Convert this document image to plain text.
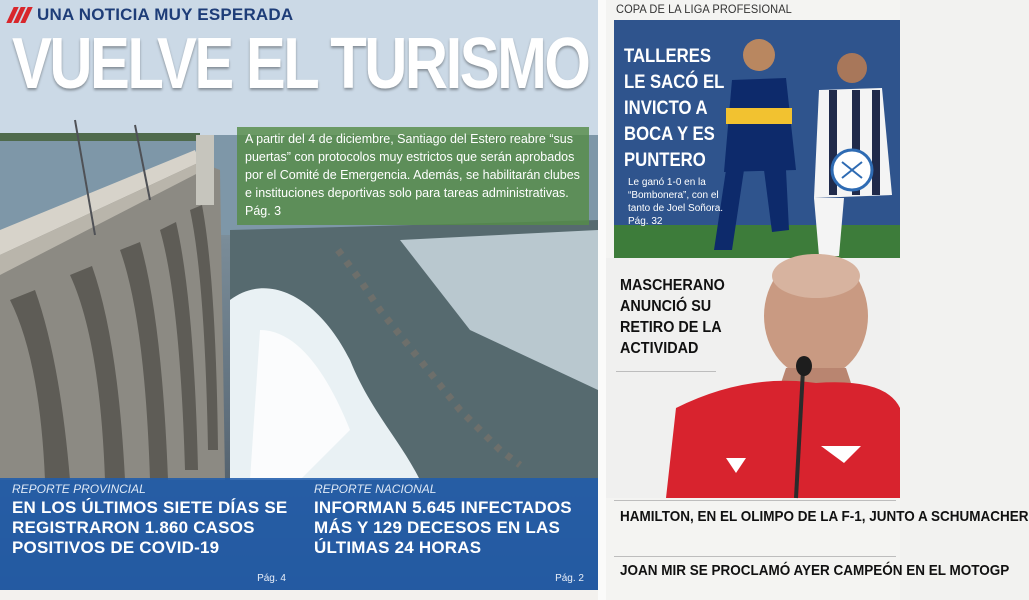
UNA NOTICIA MUY ESPERADA
VUELVE EL TURISMO
A partir del 4 de diciembre, Santiago del Estero reabre “sus puertas” con protocolos muy estrictos que serán aprobados por el Comité de Emergencia. Además, se habilitarán clubes e instituciones deportivas solo para tareas administrativas. Pág. 3
REPORTE PROVINCIAL
EN LOS ÚLTIMOS SIETE DÍAS SE REGISTRARON 1.860 CASOS POSITIVOS DE COVID-19
Pág. 4
REPORTE NACIONAL
INFORMAN 5.645 INFECTADOS MÁS Y 129 DECESOS EN LAS ÚLTIMAS 24 HORAS
Pág. 2
COPA DE LA LIGA PROFESIONAL
TALLERES LE SACÓ EL INVICTO A BOCA Y ES PUNTERO
Le ganó 1-0 en la “Bombonera”, con el tanto de Joel Soñora. Pág. 32
MASCHERANO ANUNCIÓ SU RETIRO DE LA ACTIVIDAD
HAMILTON, EN EL OLIMPO DE LA F-1, JUNTO A SCHUMACHER
JOAN MIR SE PROCLAMÓ AYER CAMPEÓN EN EL MOTOGP
